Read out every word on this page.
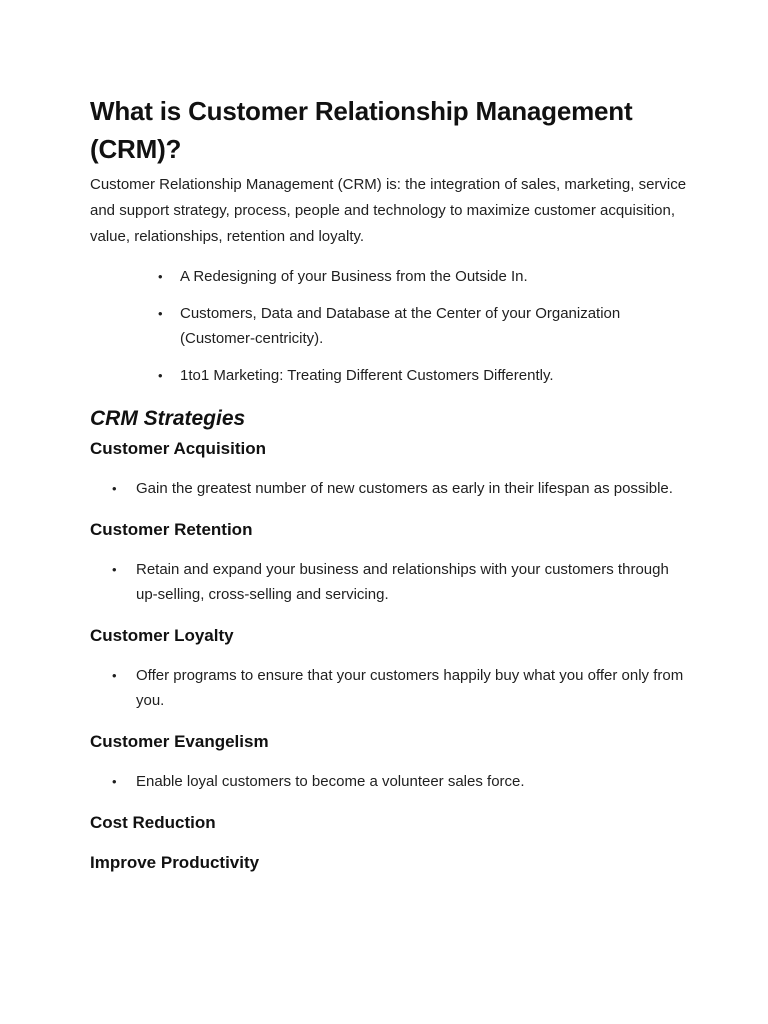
What is Customer Relationship Management (CRM)?

Customer Relationship Management (CRM) is: the integration of sales, marketing, service and support strategy, process, people and technology to maximize customer acquisition, value, relationships, retention and loyalty.

• A Redesigning of your Business from the Outside In.
• Customers, Data and Database at the Center of your Organization (Customer-centricity).
• 1to1 Marketing: Treating Different Customers Differently.
CRM Strategies
Customer Acquisition
• Gain the greatest number of new customers as early in their lifespan as possible.
Customer Retention
• Retain and expand your business and relationships with your customers through up-selling, cross-selling and servicing.
Customer Loyalty
• Offer programs to ensure that your customers happily buy what you offer only from you.
Customer Evangelism
• Enable loyal customers to become a volunteer sales force.
Cost Reduction
Improve Productivity
